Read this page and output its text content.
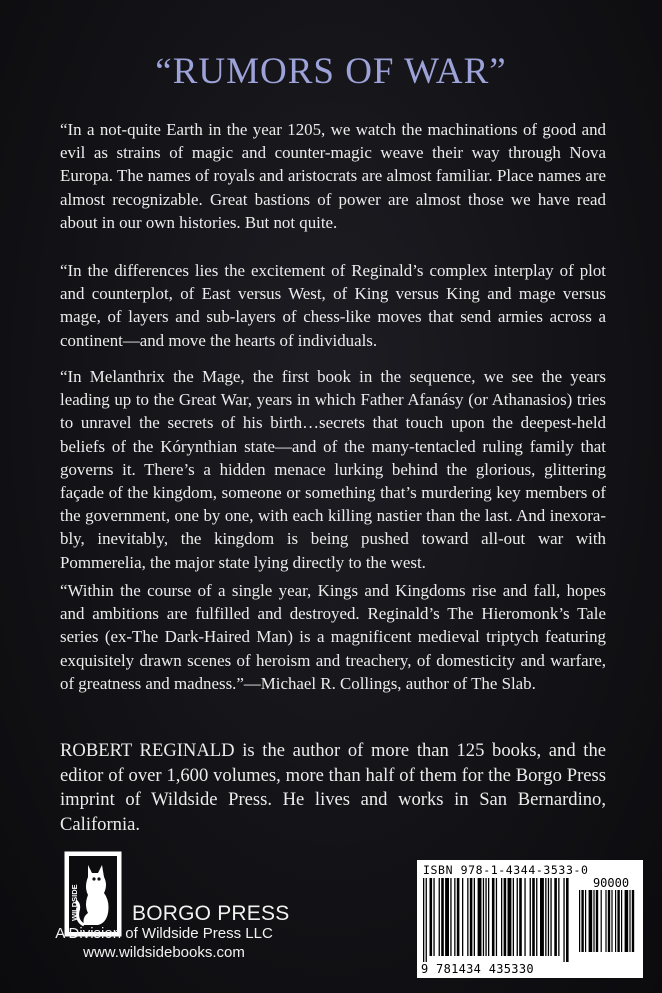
“RUMORS OF WAR”

“In a not-quite Earth in the year 1205, we watch the machinations of good and evil as strains of magic and counter-magic weave their way through Nova Europa. The names of royals and aristocrats are almost familiar. Place names are almost recognizable. Great bastions of power are almost those we have read about in our own histories. But not quite.

“In the differences lies the excitement of Reginald’s complex interplay of plot and counterplot, of East versus West, of King versus King and mage versus mage, of layers and sub-layers of chess-like moves that send armies across a continent—and move the hearts of individuals.

“In Melanthrix the Mage, the first book in the sequence, we see the years leading up to the Great War, years in which Father Afanásy (or Athanasios) tries to unravel the secrets of his birth…secrets that touch upon the deepest-held beliefs of the Kórynthian state—and of the many-tentacled ruling family that governs it. There’s a hidden menace lurking behind the glorious, glittering façade of the kingdom, someone or something that’s murdering key members of the government, one by one, with each killing nastier than the last. And inexorably, inevitably, the kingdom is being pushed toward all-out war with Pommerelia, the major state lying directly to the west.

“Within the course of a single year, Kings and Kingdoms rise and fall, hopes and ambitions are fulfilled and destroyed. Reginald’s The Hieromonk’s Tale series (ex-The Dark-Haired Man) is a magnificent medieval triptych featuring exquisitely drawn scenes of heroism and treachery, of domesticity and warfare, of greatness and madness.”—Michael R. Collings, author of The Slab.

ROBERT REGINALD is the author of more than 125 books, and the editor of over 1,600 volumes, more than half of them for the Borgo Press imprint of Wildside Press. He lives and works in San Bernardino, California.

WILDSIDE	BORGO PRESS
A Division of Wildside Press LLC
www.wildsidebooks.com
ISBN 978-1-4344-3533-0
90000
9 781434 435330
